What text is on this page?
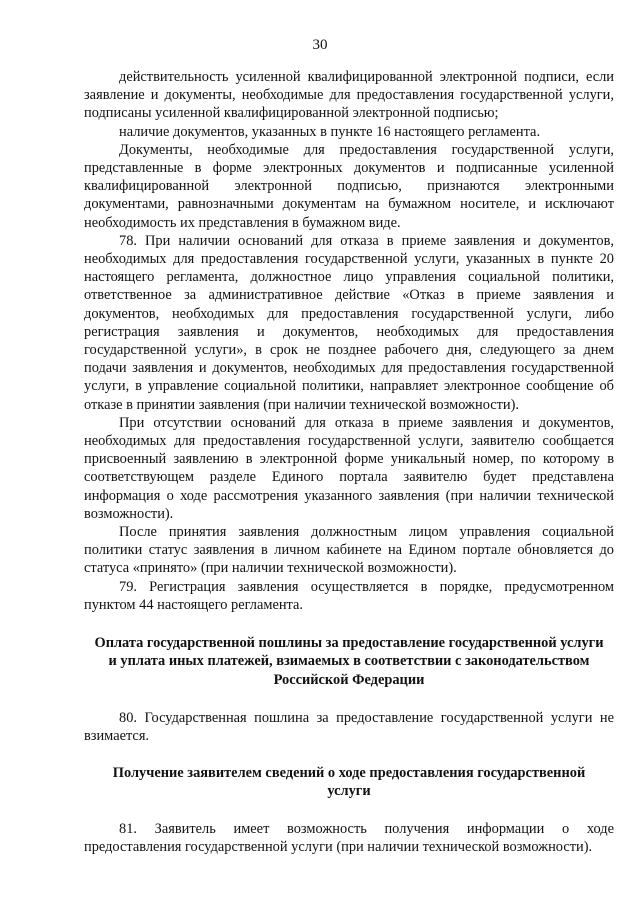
30

действительность усиленной квалифицированной электронной подписи, если заявление и документы, необходимые для предоставления государственной услуги, подписаны усиленной квалифицированной электронной подписью;

наличие документов, указанных в пункте 16 настоящего регламента.

Документы, необходимые для предоставления государственной услуги, представленные в форме электронных документов и подписанные усиленной квалифицированной электронной подписью, признаются электронными документами, равнозначными документам на бумажном носителе, и исключают необходимость их представления в бумажном виде.

78. При наличии оснований для отказа в приеме заявления и документов, необходимых для предоставления государственной услуги, указанных в пункте 20 настоящего регламента, должностное лицо управления социальной политики, ответственное за административное действие «Отказ в приеме заявления и документов, необходимых для предоставления государственной услуги, либо регистрация заявления и документов, необходимых для предоставления государственной услуги», в срок не позднее рабочего дня, следующего за днем подачи заявления и документов, необходимых для предоставления государственной услуги, в управление социальной политики, направляет электронное сообщение об отказе в принятии заявления (при наличии технической возможности).

При отсутствии оснований для отказа в приеме заявления и документов, необходимых для предоставления государственной услуги, заявителю сообщается присвоенный заявлению в электронной форме уникальный номер, по которому в соответствующем разделе Единого портала заявителю будет представлена информация о ходе рассмотрения указанного заявления (при наличии технической возможности).

После принятия заявления должностным лицом управления социальной политики статус заявления в личном кабинете на Едином портале обновляется до статуса «принято» (при наличии технической возможности).

79. Регистрация заявления осуществляется в порядке, предусмотренном пунктом 44 настоящего регламента.

Оплата государственной пошлины за предоставление государственной услуги и уплата иных платежей, взимаемых в соответствии с законодательством Российской Федерации

80. Государственная пошлина за предоставление государственной услуги не взимается.

Получение заявителем сведений о ходе предоставления государственной услуги

81. Заявитель имеет возможность получения информации о ходе предоставления государственной услуги (при наличии технической возможности).
